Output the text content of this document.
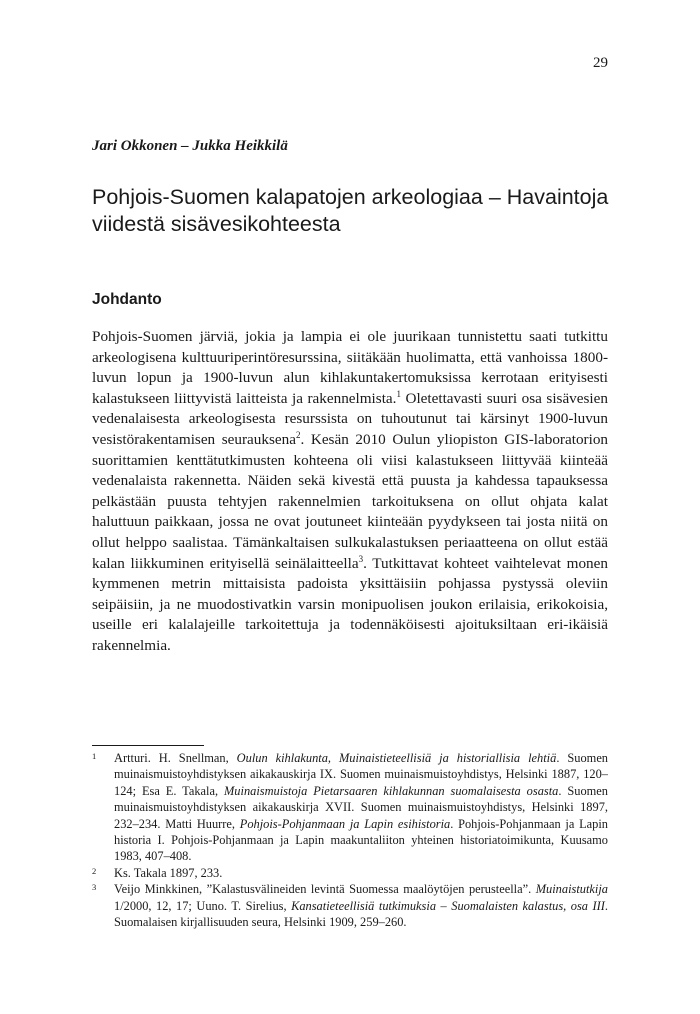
29
Jari Okkonen – Jukka Heikkilä
Pohjois-Suomen kalapatojen arkeologiaa – Havaintoja viidestä sisävesikohteesta
Johdanto

Pohjois-Suomen järviä, jokia ja lampia ei ole juurikaan tunnistettu saati tutkittu arkeologisena kulttuuriperintöresurssina, siitäkään huolimatta, että vanhoissa 1800-luvun lopun ja 1900-luvun alun kihlakuntakertomuksissa kerrotaan erityisesti kalastukseen liittyvistä laitteista ja rakennelmista.$^1$ Oletettavasti suuri osa sisävesien vedenalaisesta arkeologisesta resurssista on tuhoutunut tai kärsinyt 1900-luvun vesistörakentamisen seurauksena$^2$. Kesän 2010 Oulun yliopiston GIS-laboratorion suorittamien kenttätutkimusten kohteena oli viisi kalastukseen liittyvää kiinteää vedenalaista rakennetta. Näiden sekä kivestä että puusta ja kahdessa tapauksessa pelkästään puusta tehtyjen rakennelmien tarkoituksena on ollut ohjata kalat haluttuun paikkaan, jossa ne ovat joutuneet kiinteään pyydykseen tai josta niitä on ollut helppo saalistaa. Tämänkaltaisen sulkukalastuksen periaatteena on ollut estää kalan liikkuminen erityisellä seinälaitteella$^3$. Tutkittavat kohteet vaihtelevat monen kymmenen metrin mittaisista padoista yksittäisiin pohjassa pystyssä oleviin seipäisiin, ja ne muodostivatkin varsin monipuolisen joukon erilaisia, erikokoisia, useille eri kalalajeille tarkoitettuja ja todennäköisesti ajoituksiltaan eri-ikäisiä rakennelmia.

1 Artturi. H. Snellman, Oulun kihlakunta, Muinaistieteellisiä ja historiallisia lehtiä. Suomen muinaismuistoyhdistyksen aikakauskirja IX. Suomen muinaismuistoyhdistys, Helsinki 1887, 120–124; Esa E. Takala, Muinaismuistoja Pietarsaaren kihlakunnan suomalaisesta osasta. Suomen muinaismuistoyhdistyksen aikakauskirja XVII. Suomen muinaismuistoyhdistys, Helsinki 1897, 232–234. Matti Huurre, Pohjois-Pohjanmaan ja Lapin esihistoria. Pohjois-Pohjanmaan ja Lapin historia I. Pohjois-Pohjanmaan ja Lapin maakuntaliiton yhteinen historiatoimikunta, Kuusamo 1983, 407–408.
2 Ks. Takala 1897, 233.
3 Veijo Minkkinen, ”Kalastusvälineiden levintä Suomessa maalöytöjen perusteella”. Muinaistutkija 1/2000, 12, 17; Uuno. T. Sirelius, Kansatieteellisiä tutkimuksia – Suomalaisten kalastus, osa III. Suomalaisen kirjallisuuden seura, Helsinki 1909, 259–260.
